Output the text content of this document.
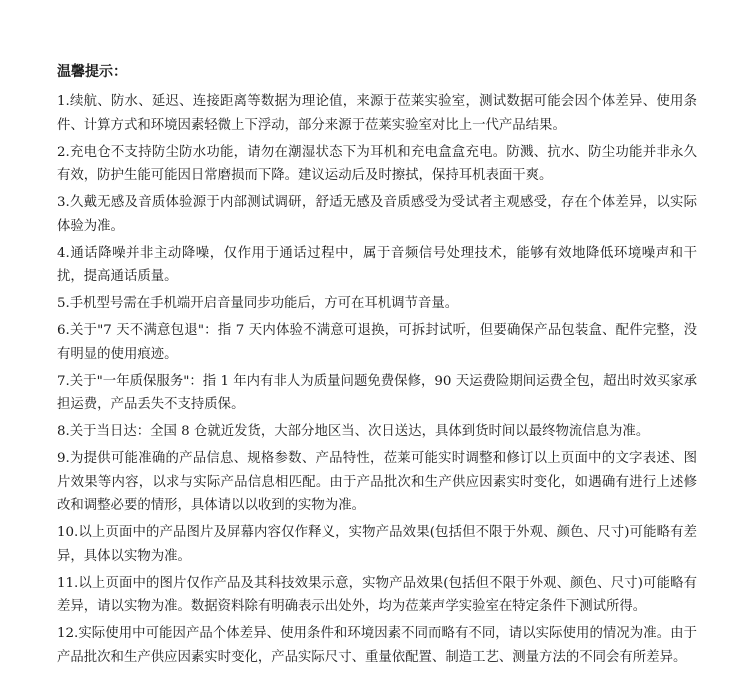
温馨提示：

1.续航、防水、延迟、连接距离等数据为理论值，来源于莅莱实验室，测试数据可能会因个体差异、使用条件、计算方式和环境因素轻微上下浮动，部分来源于莅莱实验室对比上一代产品结果。

2.充电仓不支持防尘防水功能，请勿在潮湿状态下为耳机和充电盒盒充电。防溅、抗水、防尘功能并非永久有效，防护生能可能因日常磨损而下降。建议运动后及时擦拭，保持耳机表面干爽。

3.久戴无感及音质体验源于内部测试调研，舒适无感及音质感受为受试者主观感受，存在个体差异，以实际体验为准。

4.通话降噪并非主动降噪，仅作用于通话过程中，属于音频信号处理技术，能够有效地降低环境噪声和干扰，提高通话质量。

5.手机型号需在手机端开启音量同步功能后，方可在耳机调节音量。

6.关于"7 天不满意包退"：指 7 天内体验不满意可退换，可拆封试听，但要确保产品包装盒、配件完整，没有明显的使用痕迹。

7.关于"一年质保服务"：指 1 年内有非人为质量问题免费保修，90 天运费险期间运费全包，超出时效买家承担运费，产品丢失不支持质保。

8.关于当日达：全国 8 仓就近发货，大部分地区当、次日送达，具体到货时间以最终物流信息为准。

9.为提供可能准确的产品信息、规格参数、产品特性，莅莱可能实时调整和修订以上页面中的文字表述、图片效果等内容，以求与实际产品信息相匹配。由于产品批次和生产供应因素实时变化，如遇确有进行上述修改和调整必要的情形，具体请以以收到的实物为准。

10.以上页面中的产品图片及屏幕内容仅作释义，实物产品效果(包括但不限于外观、颜色、尺寸)可能略有差异，具体以实物为准。

11.以上页面中的图片仅作产品及其科技效果示意，实物产品效果(包括但不限于外观、颜色、尺寸)可能略有差异，请以实物为准。数据资料除有明确表示出处外，均为莅莱声学实验室在特定条件下测试所得。

12.实际使用中可能因产品个体差异、使用条件和环境因素不同而略有不同，请以实际使用的情况为准。由于产品批次和生产供应因素实时变化，产品实际尺寸、重量依配置、制造工艺、测量方法的不同会有所差异。
